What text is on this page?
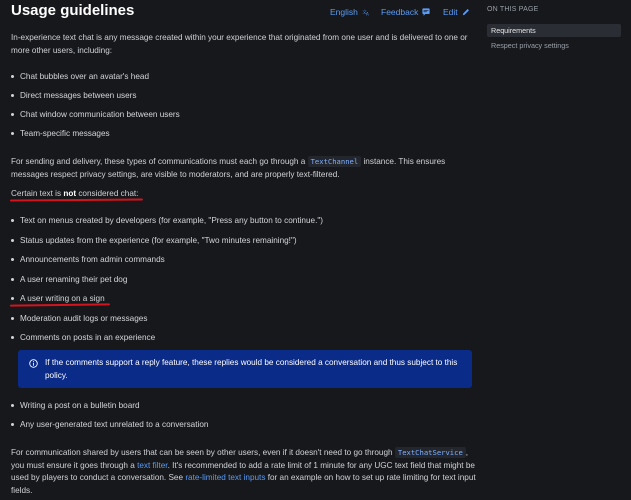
Usage guidelines	English 文 A Feedback	Edit
In-experience text chat is any message created within your experience that originated from one user and is delivered to one or more other users, including:
Chat bubbles over an avatar's head
Direct messages between users
Chat window communication between users
Team-specific messages
For sending and delivery, these types of communications must each go through a TextChannel instance. This ensures messages respect privacy settings, are visible to moderators, and are properly text-filtered.
Certain text is not considered chat:
Text on menus created by developers (for example, "Press any button to continue.")
Status updates from the experience (for example, "Two minutes remaining!")
Announcements from admin commands
A user renaming their pet dog
A user writing on a sign
Moderation audit logs or messages
Comments on posts in an experience
If the comments support a reply feature, these replies would be considered a conversation and thus subject to this policy.
Writing a post on a bulletin board
Any user-generated text unrelated to a conversation
For communication shared by users that can be seen by other users, even if it doesn't need to go through TextChatService , you must ensure it goes through a text filter. It's recommended to add a rate limit of 1 minute for any UGC text field that might be used by players to conduct a conversation. See rate-limited text inputs for an example on how to set up rate limiting for text input fields.
ON THIS PAGE
Requirements
Respect privacy settings
